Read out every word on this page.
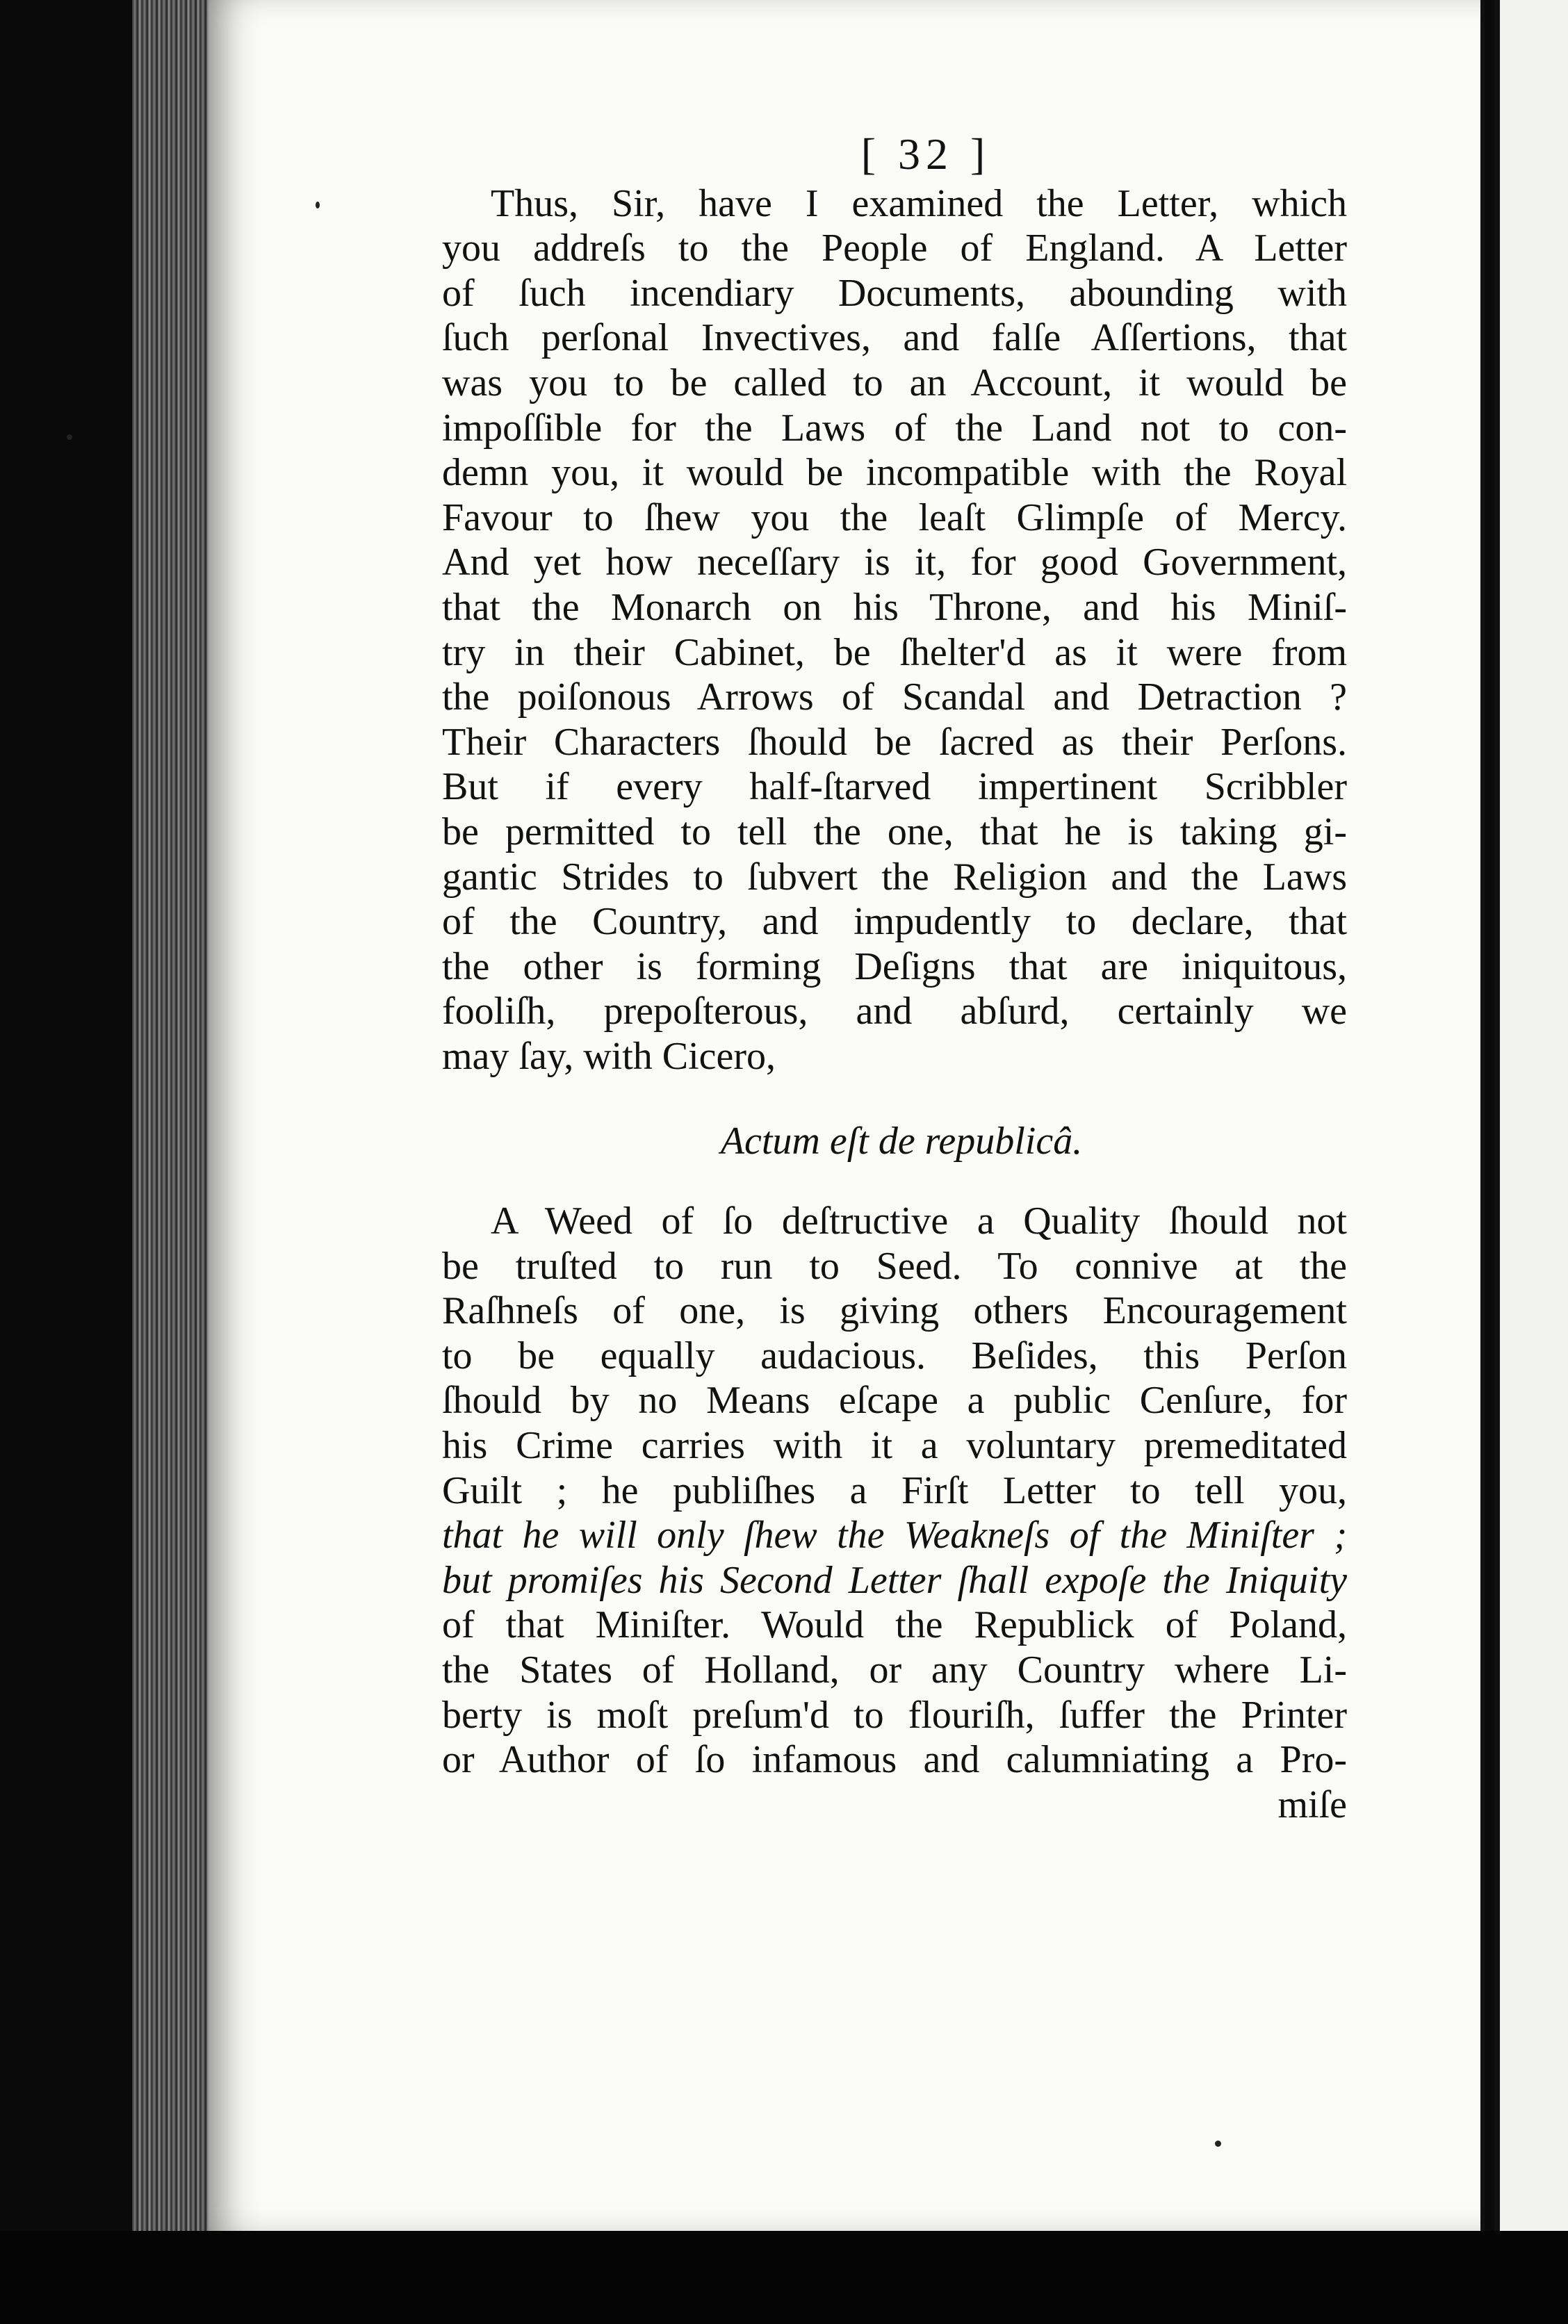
[ 32 ]
Thus, Sir, have I examined the Letter, which
you addreſs to the People of England. A Letter
of ſuch incendiary Documents, abounding with
ſuch perſonal Invectives, and falſe Aſſertions, that
was you to be called to an Account, it would be
impoſſible for the Laws of the Land not to con-
demn you, it would be incompatible with the Royal
Favour to ſhew you the leaſt Glimpſe of Mercy.
And yet how neceſſary is it, for good Government,
that the Monarch on his Throne, and his Miniſ-
try in their Cabinet, be ſhelter'd as it were from
the poiſonous Arrows of Scandal and Detraction ?
Their Characters ſhould be ſacred as their Perſons.
But if every half-ſtarved impertinent Scribbler
be permitted to tell the one, that he is taking gi-
gantic Strides to ſubvert the Religion and the Laws
of the Country, and impudently to declare, that
the other is forming Deſigns that are iniquitous,
fooliſh, prepoſterous, and abſurd, certainly we
may ſay, with Cicero,
Actum eſt de republicâ.
A Weed of ſo deſtructive a Quality ſhould not
be truſted to run to Seed. To connive at the
Raſhneſs of one, is giving others Encouragement
to be equally audacious. Beſides, this Perſon
ſhould by no Means eſcape a public Cenſure, for
his Crime carries with it a voluntary premeditated
Guilt ; he publiſhes a Firſt Letter to tell you,
that he will only ſhew the Weakneſs of the Miniſter ;
but promiſes his Second Letter ſhall expoſe the Iniquity
of that Miniſter. Would the Republick of Poland,
the States of Holland, or any Country where Li-
berty is moſt preſum'd to flouriſh, ſuffer the Printer
or Author of ſo infamous and calumniating a Pro-
miſe
